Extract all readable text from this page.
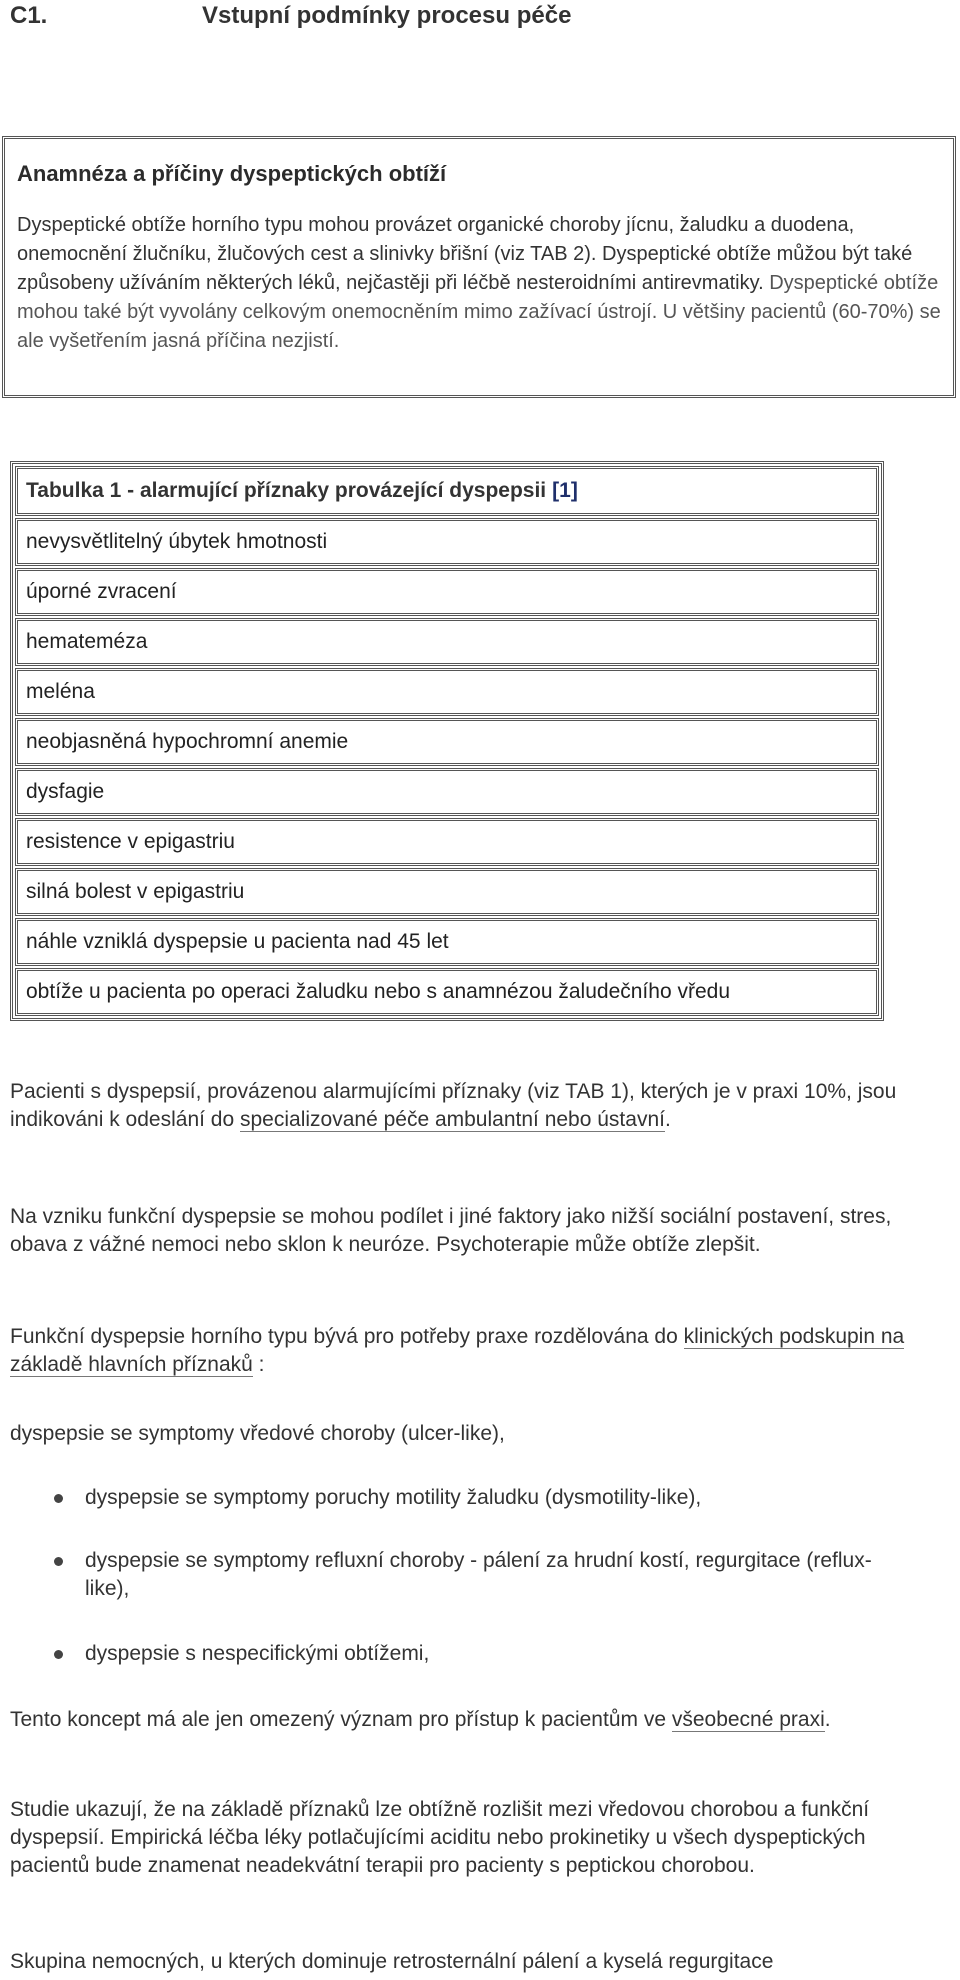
C1.	Vstupní podmínky procesu péče
Anamnéza a příčiny dyspeptických obtíží
Dyspeptické obtíže horního typu mohou provázet organické choroby jícnu, žaludku a duodena, onemocnění žlučníku, žlučových cest a slinivky břišní (viz TAB 2). Dyspeptické obtíže můžou být také způsobeny užíváním některých léků, nejčastěji při léčbě nesteroidními antirevmatiky. Dyspeptické obtíže mohou také být vyvolány celkovým onemocněním mimo zažívací ústrojí. U většiny pacientů (60-70%) se ale vyšetřením jasná příčina nezjistí.
Tabulka 1 - alarmující příznaky provázející dyspepsii [1]
nevysvětlitelný úbytek hmotnosti
úporné zvracení
hemateméza
meléna
neobjasněná hypochromní anemie
dysfagie
resistence v epigastriu
silná bolest v epigastriu
náhle vzniklá dyspepsie u pacienta nad 45 let
obtíže u pacienta po operaci žaludku nebo s anamnézou žaludečního vředu
Pacienti s dyspepsií, provázenou alarmujícími příznaky (viz TAB 1), kterých je v praxi 10%, jsou indikováni k odeslání do specializované péče ambulantní nebo ústavní.
Na vzniku funkční dyspepsie se mohou podílet i jiné faktory jako nižší sociální postavení, stres, obava z vážné nemoci nebo sklon k neuróze. Psychoterapie může obtíže zlepšit.
Funkční dyspepsie horního typu bývá pro potřeby praxe rozdělována do klinických podskupin na základě hlavních příznaků :
dyspepsie se symptomy vředové choroby (ulcer-like),
dyspepsie se symptomy poruchy motility žaludku (dysmotility-like),
dyspepsie se symptomy refluxní choroby - pálení za hrudní kostí, regurgitace (reflux-like),
dyspepsie s nespecifickými obtížemi,
Tento koncept má ale jen omezený význam pro přístup k pacientům ve všeobecné praxi.
Studie ukazují, že na základě příznaků lze obtížně rozlišit mezi vředovou chorobou a funkční dyspepsií. Empirická léčba léky potlačujícími aciditu nebo prokinetiky u všech dyspeptických pacientů bude znamenat neadekvátní terapii pro pacienty s peptickou chorobou.
Skupina nemocných, u kterých dominuje retrosternální pálení a kyselá regurgitace
